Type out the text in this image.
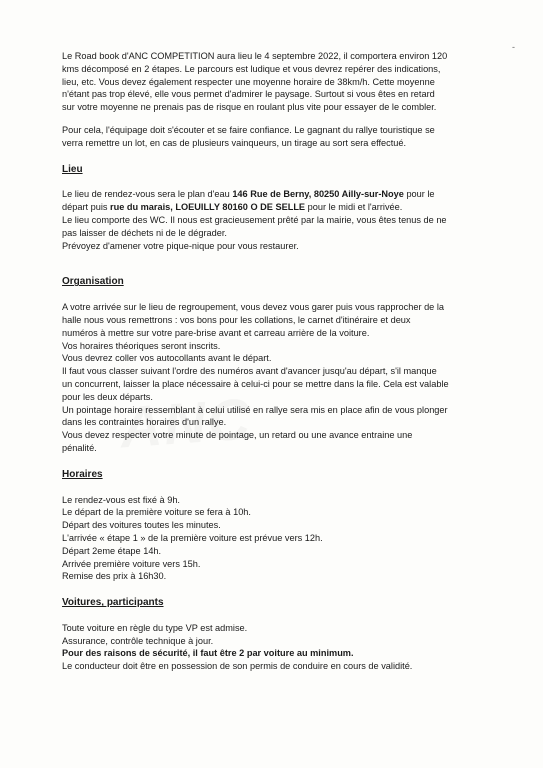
-
Le Road book d'ANC COMPETITION aura lieu le 4 septembre 2022, il comportera environ 120
kms décomposé en 2 étapes. Le parcours est ludique et vous devrez repérer des indications,
lieu, etc. Vous devez également respecter une moyenne horaire de 38km/h. Cette moyenne
n'étant pas trop élevé, elle vous permet d'admirer le paysage. Surtout si vous êtes en retard
sur votre moyenne ne prenais pas de risque en roulant plus vite pour essayer de le combler.
Pour cela, l'équipage doit s'écouter et se faire confiance. Le gagnant du rallye touristique se
verra remettre un lot, en cas de plusieurs vainqueurs, un tirage au sort sera effectué.
Lieu
Le lieu de rendez-vous sera le plan d'eau 146 Rue de Berny, 80250 Ailly-sur-Noye pour le
départ puis rue du marais, LOEUILLY 80160 O DE SELLE pour le midi et l'arrivée.
Le lieu comporte des WC. Il nous est gracieusement prêté par la mairie, vous êtes tenus de ne
pas laisser de déchets ni de le dégrader.
Prévoyez d'amener votre pique-nique pour vous restaurer.
Organisation
A votre arrivée sur le lieu de regroupement, vous devez vous garer puis vous rapprocher de la
halle nous vous remettrons : vos bons pour les collations, le carnet d'itinéraire et deux
numéros à mettre sur votre pare-brise avant et carreau arrière de la voiture.
Vos horaires théoriques seront inscrits.
Vous devrez coller vos autocollants avant le départ.
Il faut vous classer suivant l'ordre des numéros avant d'avancer jusqu'au départ, s'il manque
un concurrent, laisser la place nécessaire à celui-ci pour se mettre dans la file. Cela est valable
pour les deux départs.
Un pointage horaire ressemblant à celui utilisé en rallye sera mis en place afin de vous plonger
dans les contraintes horaires d'un rallye.
Vous devez respecter votre minute de pointage, un retard ou une avance entraine une
pénalité.
Horaires
Le rendez-vous est fixé à 9h.
Le départ de la première voiture se fera à 10h.
Départ des voitures toutes les minutes.
L'arrivée « étape 1 » de la première voiture est prévue vers 12h.
Départ 2eme étape 14h.
Arrivée première voiture vers 15h.
Remise des prix à 16h30.
Voitures, participants
Toute voiture en règle du type VP est admise.
Assurance, contrôle technique à jour.
Pour des raisons de sécurité, il faut être 2 par voiture au minimum.
Le conducteur doit être en possession de son permis de conduire en cours de validité.
